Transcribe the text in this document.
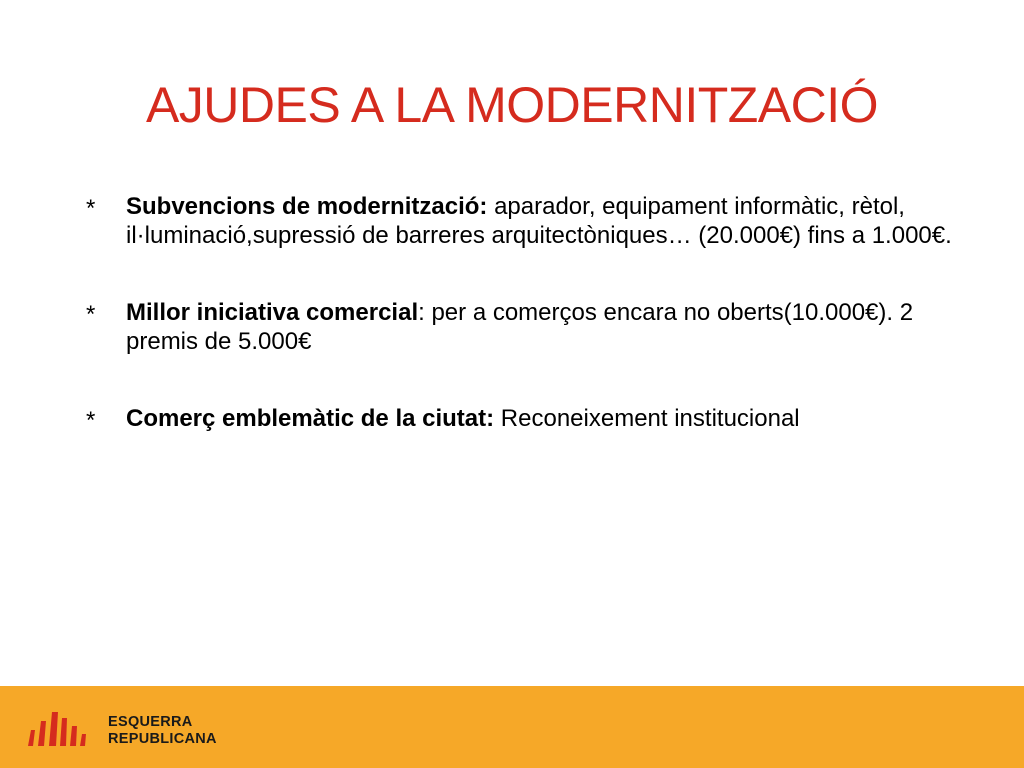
AJUDES A LA MODERNITZACIÓ
* Subvencions de modernització: aparador, equipament informàtic, rètol, il·luminació,supressió de barreres arquitectòniques… (20.000€) fins a 1.000€.
* Millor iniciativa comercial: per a comerços encara no oberts(10.000€). 2 premis de 5.000€
* Comerç emblemàtic de la ciutat: Reconeixement institucional
ESQUERRA
REPUBLICANA
